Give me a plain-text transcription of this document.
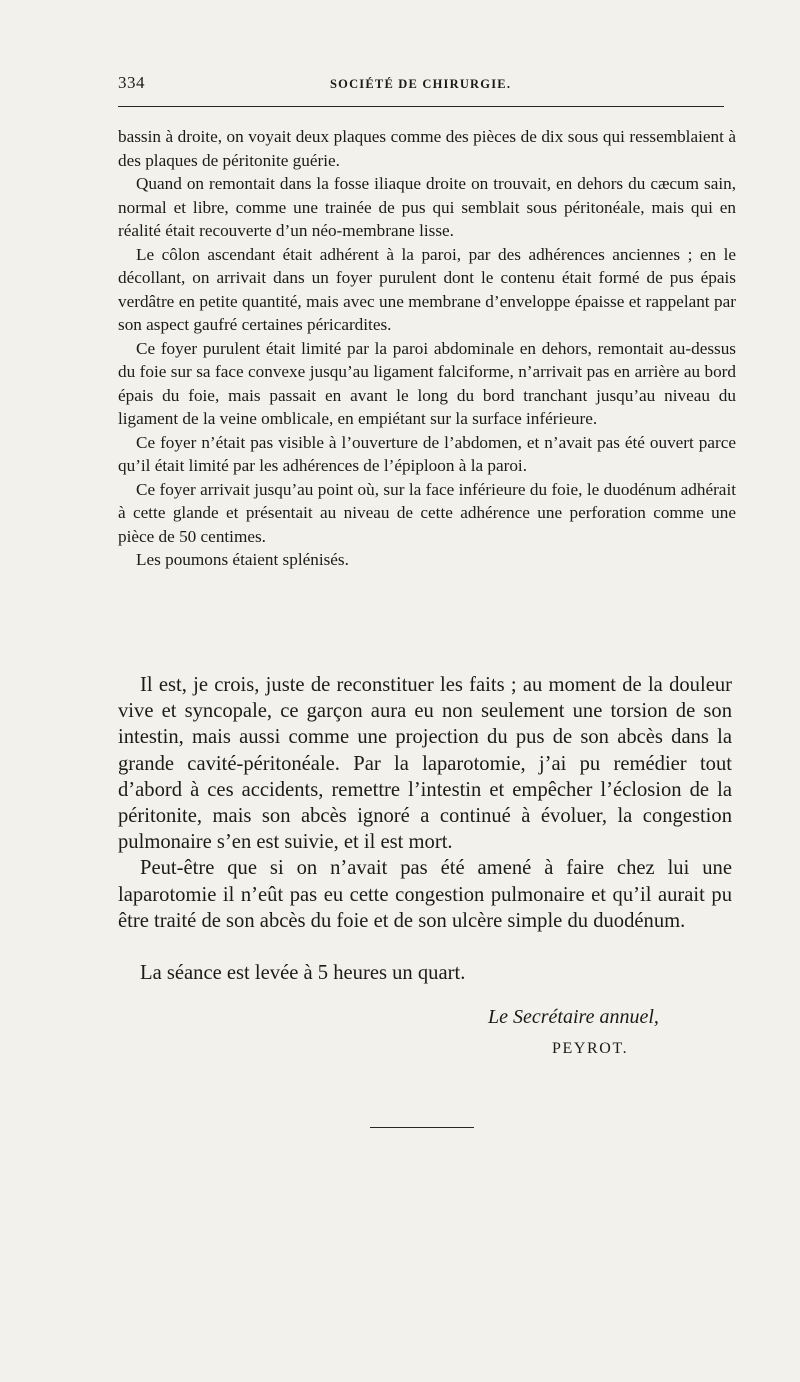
334	SOCIÉTÉ DE CHIRURGIE.

bassin à droite, on voyait deux plaques comme des pièces de dix sous qui ressemblaient à des plaques de péritonite guérie.

Quand on remontait dans la fosse iliaque droite on trouvait, en dehors du cæcum sain, normal et libre, comme une trainée de pus qui semblait sous péritonéale, mais qui en réalité était recouverte d’un néo-membrane lisse.

Le côlon ascendant était adhérent à la paroi, par des adhérences anciennes ; en le décollant, on arrivait dans un foyer purulent dont le contenu était formé de pus épais verdâtre en petite quantité, mais avec une membrane d’enveloppe épaisse et rappelant par son aspect gaufré certaines péricardites.

Ce foyer purulent était limité par la paroi abdominale en dehors, remontait au-dessus du foie sur sa face convexe jusqu’au ligament falciforme, n’arrivait pas en arrière au bord épais du foie, mais passait en avant le long du bord tranchant jusqu’au niveau du ligament de la veine omblicale, en empiétant sur la surface inférieure.

Ce foyer n’était pas visible à l’ouverture de l’abdomen, et n’avait pas été ouvert parce qu’il était limité par les adhérences de l’épiploon à la paroi.

Ce foyer arrivait jusqu’au point où, sur la face inférieure du foie, le duodénum adhérait à cette glande et présentait au niveau de cette adhérence une perforation comme une pièce de 50 centimes.

Les poumons étaient splénisés.

Il est, je crois, juste de reconstituer les faits ; au moment de la douleur vive et syncopale, ce garçon aura eu non seulement une torsion de son intestin, mais aussi comme une projection du pus de son abcès dans la grande cavité-péritonéale. Par la laparotomie, j’ai pu remédier tout d’abord à ces accidents, remettre l’intestin et empêcher l’éclosion de la péritonite, mais son abcès ignoré a continué à évoluer, la congestion pulmonaire s’en est suivie, et il est mort.

Peut-être que si on n’avait pas été amené à faire chez lui une laparotomie il n’eût pas eu cette congestion pulmonaire et qu’il aurait pu être traité de son abcès du foie et de son ulcère simple du duodénum.

La séance est levée à 5 heures un quart.
Le Secrétaire annuel,
PEYROT.
